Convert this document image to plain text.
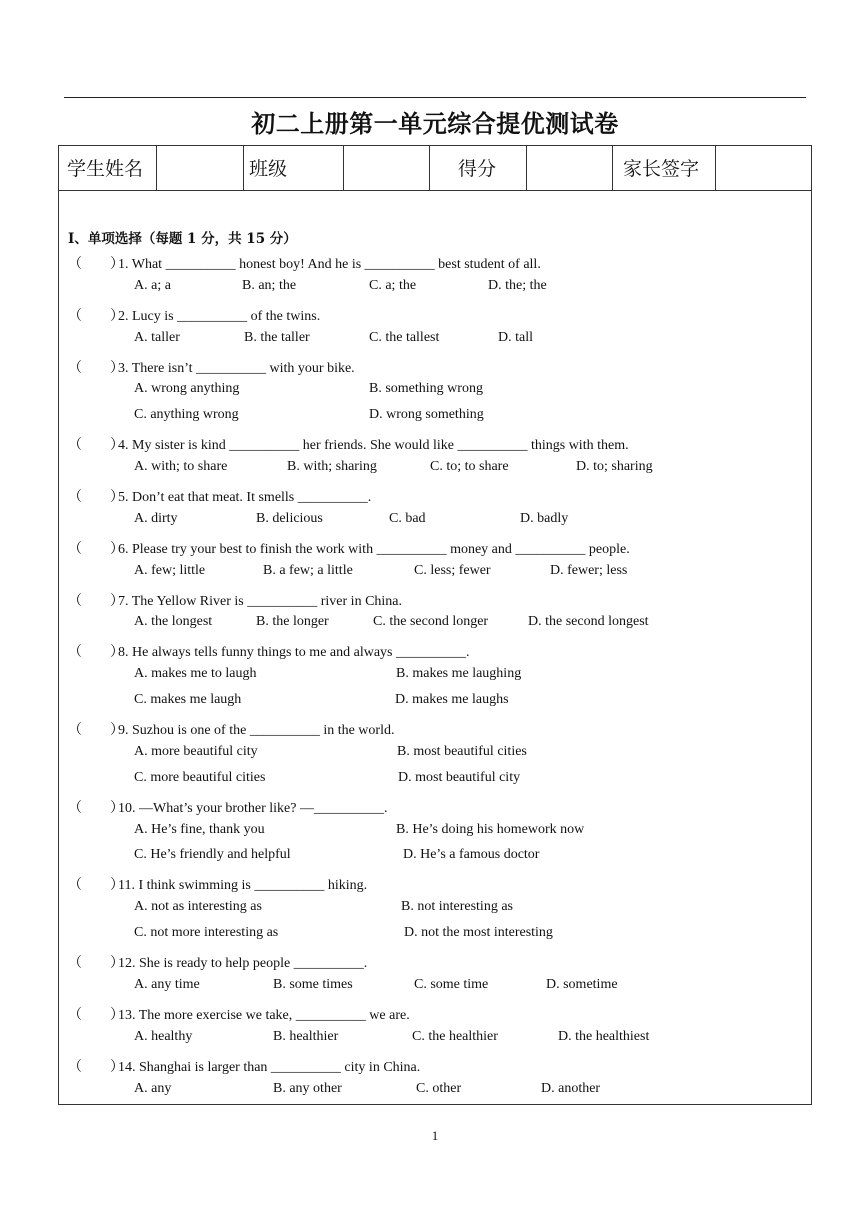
初二上册第一单元综合提优测试卷
学生姓名	班级	得分	家长签字
I、单项选择（每题 1 分，共 15 分）
（　　）1. What __________ honest boy! And he is __________ best student of all.
A. a; a	B. an; the	C. a; the	D. the; the
（　　）2. Lucy is __________ of the twins.
A. taller	B. the taller	C. the tallest	D. tall
（　　）3. There isn’t __________ with your bike.
A. wrong anything	B. something wrong
C. anything wrong	D. wrong something
（　　）4. My sister is kind __________ her friends. She would like __________ things with them.
A. with; to share	B. with; sharing	C. to; to share	D. to; sharing
（　　）5. Don’t eat that meat. It smells __________.
A. dirty	B. delicious	C. bad	D. badly
（　　）6. Please try your best to finish the work with __________ money and __________ people.
A. few; little	B. a few; a little	C. less; fewer	D. fewer; less
（　　）7. The Yellow River is __________ river in China.
A. the longest	B. the longer	C. the second longer	D. the second longest
（　　）8. He always tells funny things to me and always __________.
A. makes me to laugh	B. makes me laughing
C. makes me laugh	D. makes me laughs
（　　）9. Suzhou is one of the __________ in the world.
A. more beautiful city	B. most beautiful cities
C. more beautiful cities	D. most beautiful city
（　　）10. —What’s your brother like? —__________.
A. He’s fine, thank you	B. He’s doing his homework now
C. He’s friendly and helpful	D. He’s a famous doctor
（　　）11. I think swimming is __________ hiking.
A. not as interesting as	B. not interesting as
C. not more interesting as	D. not the most interesting
（　　）12. She is ready to help people __________.
A. any time	B. some times	C. some time	D. sometime
（　　）13. The more exercise we take, __________ we are.
A. healthy	B. healthier	C. the healthier	D. the healthiest
（　　）14. Shanghai is larger than __________ city in China.
A. any	B. any other	C. other	D. another
1
